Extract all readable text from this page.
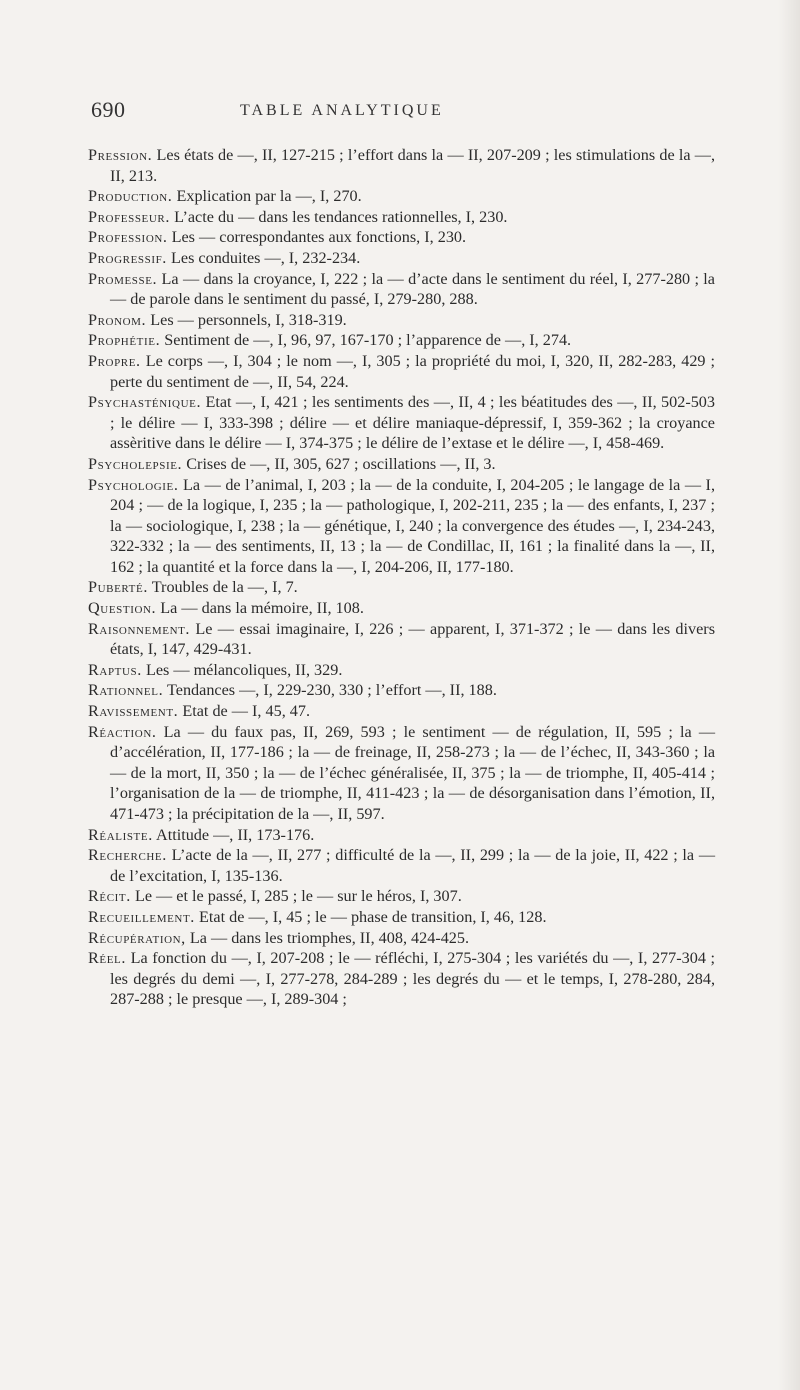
690	TABLE ANALYTIQUE

Pression. Les états de —, II, 127-215 ; l’effort dans la — II, 207-209 ; les stimulations de la —, II, 213.

Production. Explication par la —, I, 270.

Professeur. L’acte du — dans les tendances rationnelles, I, 230.

Profession. Les — correspondantes aux fonctions, I, 230.

Progressif. Les conduites —, I, 232-234.

Promesse. La — dans la croyance, I, 222 ; la — d’acte dans le sentiment du réel, I, 277-280 ; la — de parole dans le sentiment du passé, I, 279-280, 288.

Pronom. Les — personnels, I, 318-319.

Prophétie. Sentiment de —, I, 96, 97, 167-170 ; l’apparence de —, I, 274.

Propre. Le corps —, I, 304 ; le nom —, I, 305 ; la propriété du moi, I, 320, II, 282-283, 429 ; perte du sentiment de —, II, 54, 224.

Psychasténique. Etat —, I, 421 ; les sentiments des —, II, 4 ; les béatitudes des —, II, 502-503 ; le délire — I, 333-398 ; délire — et délire maniaque-dépressif, I, 359-362 ; la croyance assèritive dans le délire — I, 374-375 ; le délire de l’extase et le délire —, I, 458-469.

Psycholepsie. Crises de —, II, 305, 627 ; oscillations —, II, 3.

Psychologie. La — de l’animal, I, 203 ; la — de la conduite, I, 204-205 ; le langage de la — I, 204 ; — de la logique, I, 235 ; la — pathologique, I, 202-211, 235 ; la — des enfants, I, 237 ; la — sociologique, I, 238 ; la — génétique, I, 240 ; la convergence des études —, I, 234-243, 322-332 ; la — des sentiments, II, 13 ; la — de Condillac, II, 161 ; la finalité dans la —, II, 162 ; la quantité et la force dans la —, I, 204-206, II, 177-180.

Puberté. Troubles de la —, I, 7.

Question. La — dans la mémoire, II, 108.

Raisonnement. Le — essai imaginaire, I, 226 ; — apparent, I, 371-372 ; le — dans les divers états, I, 147, 429-431.

Raptus. Les — mélancoliques, II, 329.

Rationnel. Tendances —, I, 229-230, 330 ; l’effort —, II, 188.

Ravissement. Etat de — I, 45, 47.

Réaction. La — du faux pas, II, 269, 593 ; le sentiment — de régulation, II, 595 ; la — d’accélération, II, 177-186 ; la — de freinage, II, 258-273 ; la — de l’échec, II, 343-360 ; la — de la mort, II, 350 ; la — de l’échec généralisée, II, 375 ; la — de triomphe, II, 405-414 ; l’organisation de la — de triomphe, II, 411-423 ; la — de désorganisation dans l’émotion, II, 471-473 ; la précipitation de la —, II, 597.

Réaliste. Attitude —, II, 173-176.

Recherche. L’acte de la —, II, 277 ; difficulté de la —, II, 299 ; la — de la joie, II, 422 ; la — de l’excitation, I, 135-136.

Récit. Le — et le passé, I, 285 ; le — sur le héros, I, 307.

Recueillement. Etat de —, I, 45 ; le — phase de transition, I, 46, 128.

Récupération, La — dans les triomphes, II, 408, 424-425.

Réel. La fonction du —, I, 207-208 ; le — réfléchi, I, 275-304 ; les variétés du —, I, 277-304 ; les degrés du demi —, I, 277-278, 284-289 ; les degrés du — et le temps, I, 278-280, 284, 287-288 ; le presque —, I, 289-304 ;
